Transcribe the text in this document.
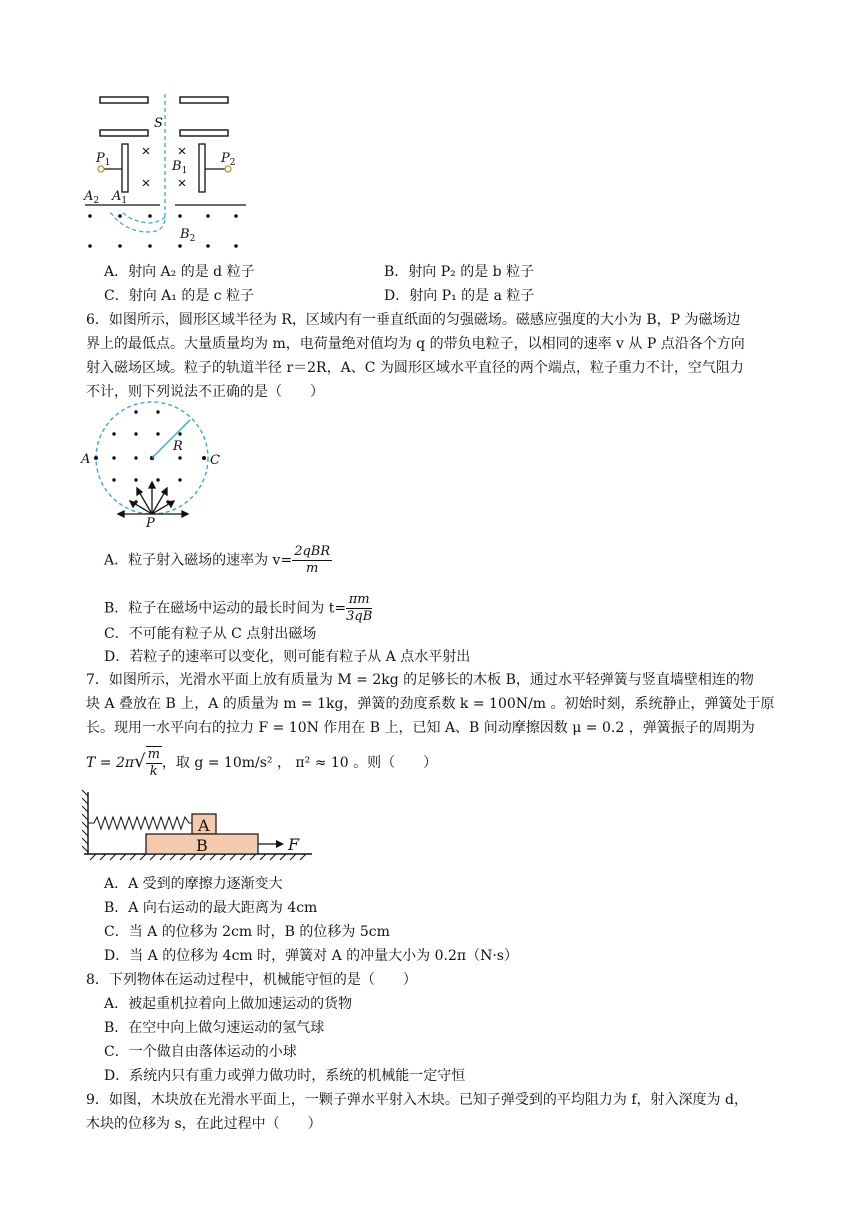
S
$P_1$	$P_2$
$B_1$
$A_2$ $A_1$
$B_2$
A．射向 A₂ 的是 d 粒子	B．射向 P₂ 的是 b 粒子
C．射向 A₁ 的是 c 粒子	D．射向 P₁ 的是 a 粒子
6．如图所示，圆形区域半径为 R，区域内有一垂直纸面的匀强磁场。磁感应强度的大小为 B，P 为磁场边
界上的最低点。大量质量均为 m，电荷量绝对值均为 q 的带负电粒子，以相同的速率 v 从 P 点沿各个方向
射入磁场区域。粒子的轨道半径 r＝2R，A、C 为圆形区域水平直径的两个端点，粒子重力不计，空气阻力
不计，则下列说法不正确的是（　　）
A	C
R
P
A．粒子射入磁场的速率为 $v= \frac{\text{2qBR}}{m}$
B．粒子在磁场中运动的最长时间为 $t= \frac{\pi m}{3qB}$
C．不可能有粒子从 C 点射出磁场
D．若粒子的速率可以变化，则可能有粒子从 A 点水平射出
7．如图所示，光滑水平面上放有质量为 M = 2kg 的足够长的木板 B，通过水平轻弹簧与竖直墙壁相连的物
块 A 叠放在 B 上，A 的质量为 m = 1kg，弹簧的劲度系数 k = 100N/m 。初始时刻，系统静止，弹簧处于原
长。现用一水平向右的拉力 F = 10N 作用在 B 上，已知 A、B 间动摩擦因数 μ = 0.2 ，弹簧振子的周期为
$T = 2\pi√ \frac{m}{k}$ ，取 g = 10m/s² ， π² ≈ 10 。则（　　）
A
B	F
A．A 受到的摩擦力逐渐变大
B．A 向右运动的最大距离为 4cm
C．当 A 的位移为 2cm 时，B 的位移为 5cm
D．当 A 的位移为 4cm 时，弹簧对 A 的冲量大小为 0.2π（N·s）
8．下列物体在运动过程中，机械能守恒的是（　　）
A．被起重机拉着向上做加速运动的货物
B．在空中向上做匀速运动的氢气球
C．一个做自由落体运动的小球
D．系统内只有重力或弹力做功时，系统的机械能一定守恒
9．如图，木块放在光滑水平面上，一颗子弹水平射入木块。已知子弹受到的平均阻力为 f，射入深度为 d，
木块的位移为 s，在此过程中（　　）
